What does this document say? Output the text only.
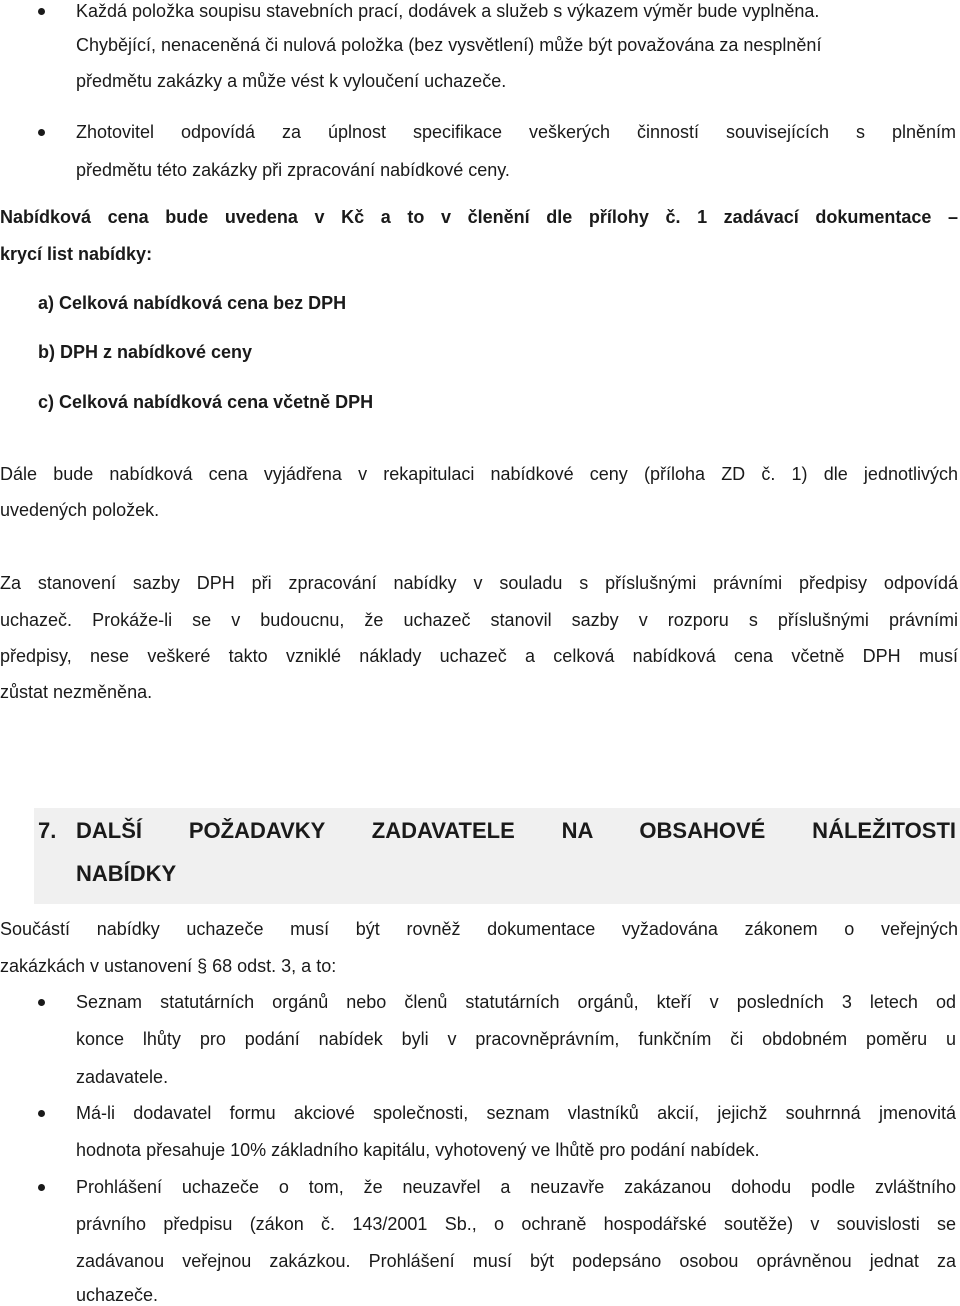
Každá položka soupisu stavebních prací, dodávek a služeb s výkazem výměr bude vyplněna.
Chybějící, nenaceněná či nulová položka (bez vysvětlení) může být považována za nesplnění
předmětu zakázky a může vést k vyloučení uchazeče.
Zhotovitel odpovídá za úplnost specifikace veškerých činností souvisejících s plněním
předmětu této zakázky při zpracování nabídkové ceny.
Nabídková cena bude uvedena v Kč a to v členění dle přílohy č. 1 zadávací dokumentace –
krycí list nabídky:
a) Celková nabídková cena bez DPH
b) DPH z nabídkové ceny
c) Celková nabídková cena včetně DPH
Dále bude nabídková cena vyjádřena v rekapitulaci nabídkové ceny (příloha ZD č. 1) dle jednotlivých
uvedených položek.
Za stanovení sazby DPH při zpracování nabídky v souladu s příslušnými právními předpisy odpovídá
uchazeč. Prokáže-li se v budoucnu, že uchazeč stanovil sazby v rozporu s příslušnými právními
předpisy, nese veškeré takto vzniklé náklady uchazeč a celková nabídková cena včetně DPH musí
zůstat nezměněna.
7. DALŠÍ POŽADAVKY ZADAVATELE NA OBSAHOVÉ NÁLEŽITOSTI
NABÍDKY
Součástí nabídky uchazeče musí být rovněž dokumentace vyžadována zákonem o veřejných
zakázkách v ustanovení § 68 odst. 3, a to:
Seznam statutárních orgánů nebo členů statutárních orgánů, kteří v posledních 3 letech od
konce lhůty pro podání nabídek byli v pracovněprávním, funkčním či obdobném poměru u
zadavatele.
Má-li dodavatel formu akciové společnosti, seznam vlastníků akcií, jejichž souhrnná jmenovitá
hodnota přesahuje 10% základního kapitálu, vyhotovený ve lhůtě pro podání nabídek.
Prohlášení uchazeče o tom, že neuzavřel a neuzavře zakázanou dohodu podle zvláštního
právního předpisu (zákon č. 143/2001 Sb., o ochraně hospodářské soutěže) v souvislosti se
zadávanou veřejnou zakázkou. Prohlášení musí být podepsáno osobou oprávněnou jednat za
uchazeče.
